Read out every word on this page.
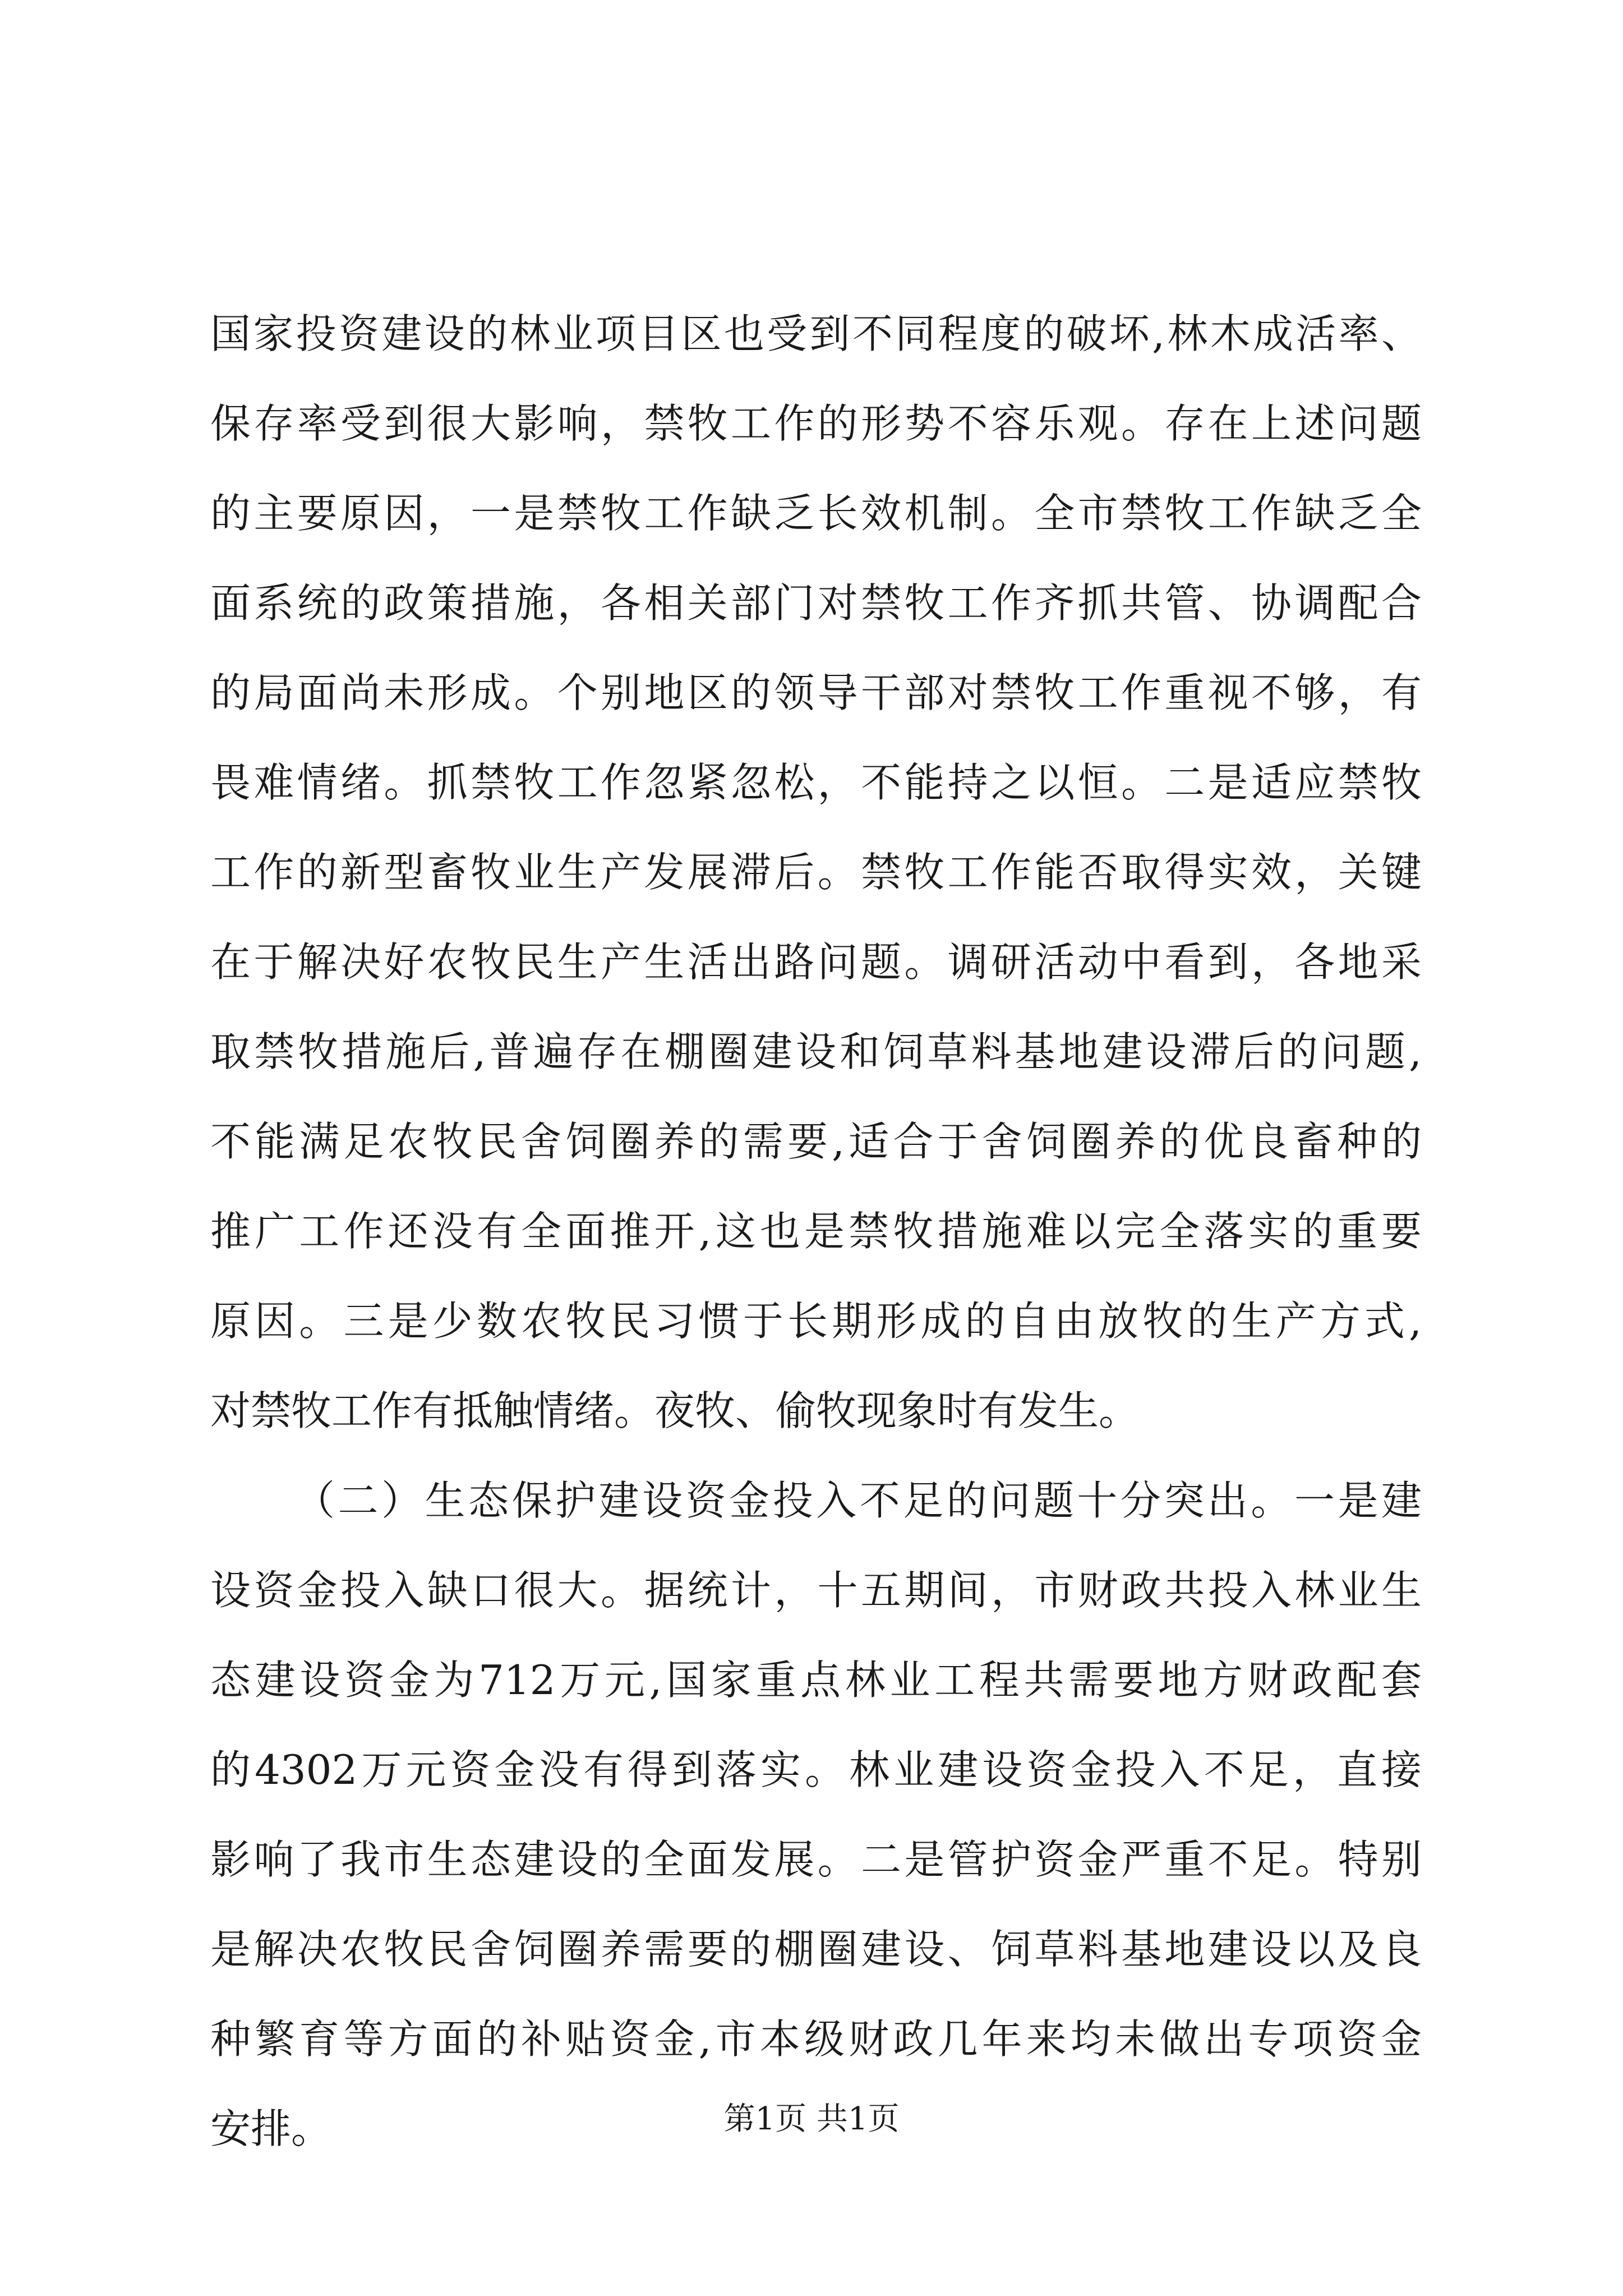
国家投资建设的林业项目区也受到不同程度的破坏,林木成活率、
保存率受到很大影响，禁牧工作的形势不容乐观。存在上述问题
的主要原因，一是禁牧工作缺乏长效机制。全市禁牧工作缺乏全
面系统的政策措施，各相关部门对禁牧工作齐抓共管、协调配合
的局面尚未形成。个别地区的领导干部对禁牧工作重视不够，有
畏难情绪。抓禁牧工作忽紧忽松，不能持之以恒。二是适应禁牧
工作的新型畜牧业生产发展滞后。禁牧工作能否取得实效，关键
在于解决好农牧民生产生活出路问题。调研活动中看到，各地采
取禁牧措施后,普遍存在棚圈建设和饲草料基地建设滞后的问题,
不能满足农牧民舍饲圈养的需要,适合于舍饲圈养的优良畜种的
推广工作还没有全面推开,这也是禁牧措施难以完全落实的重要
原因。三是少数农牧民习惯于长期形成的自由放牧的生产方式,
对禁牧工作有抵触情绪。夜牧、偷牧现象时有发生。
（二）生态保护建设资金投入不足的问题十分突出。一是建
设资金投入缺口很大。据统计，十五期间，市财政共投入林业生
态建设资金为712万元,国家重点林业工程共需要地方财政配套
的4302万元资金没有得到落实。林业建设资金投入不足，直接
影响了我市生态建设的全面发展。二是管护资金严重不足。特别
是解决农牧民舍饲圈养需要的棚圈建设、饲草料基地建设以及良
种繁育等方面的补贴资金,市本级财政几年来均未做出专项资金
安排。	第1页 共1页
